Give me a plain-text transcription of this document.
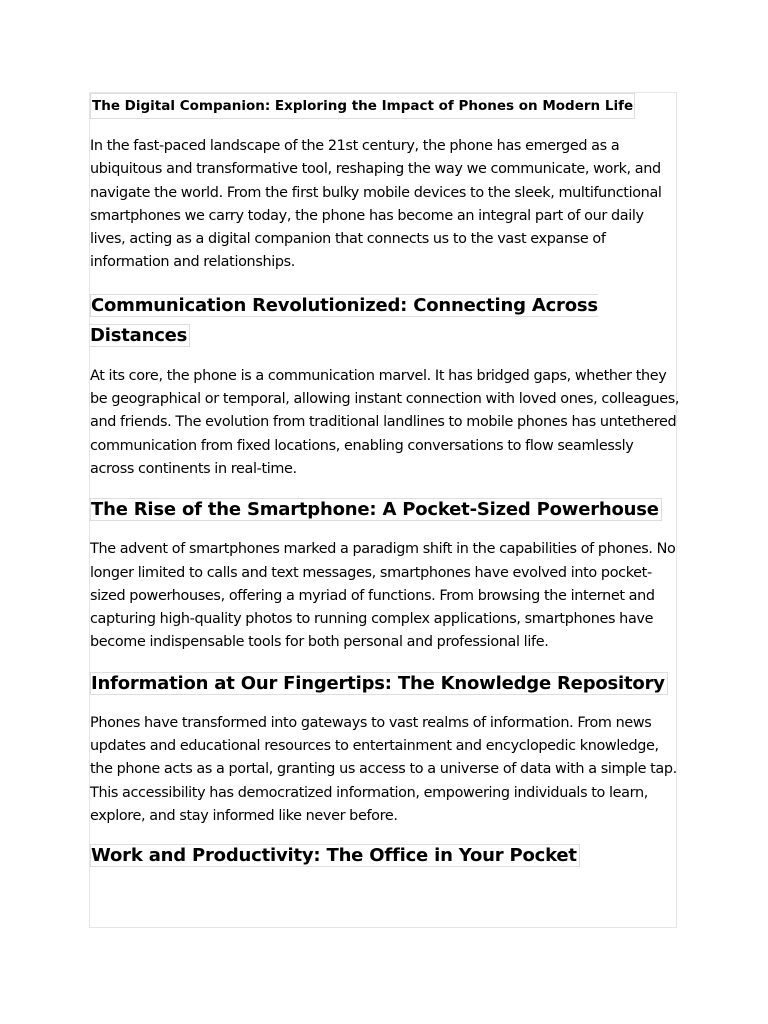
The Digital Companion: Exploring the Impact of Phones on Modern Life

In the fast-paced landscape of the 21st century, the phone has emerged as a ubiquitous and transformative tool, reshaping the way we communicate, work, and navigate the world. From the first bulky mobile devices to the sleek, multifunctional smartphones we carry today, the phone has become an integral part of our daily lives, acting as a digital companion that connects us to the vast expanse of information and relationships.

Communication Revolutionized: Connecting Across Distances

At its core, the phone is a communication marvel. It has bridged gaps, whether they be geographical or temporal, allowing instant connection with loved ones, colleagues, and friends. The evolution from traditional landlines to mobile phones has untethered communication from fixed locations, enabling conversations to flow seamlessly across continents in real-time.

The Rise of the Smartphone: A Pocket-Sized Powerhouse

The advent of smartphones marked a paradigm shift in the capabilities of phones. No longer limited to calls and text messages, smartphones have evolved into pocket-sized powerhouses, offering a myriad of functions. From browsing the internet and capturing high-quality photos to running complex applications, smartphones have become indispensable tools for both personal and professional life.

Information at Our Fingertips: The Knowledge Repository

Phones have transformed into gateways to vast realms of information. From news updates and educational resources to entertainment and encyclopedic knowledge, the phone acts as a portal, granting us access to a universe of data with a simple tap. This accessibility has democratized information, empowering individuals to learn, explore, and stay informed like never before.

Work and Productivity: The Office in Your Pocket
